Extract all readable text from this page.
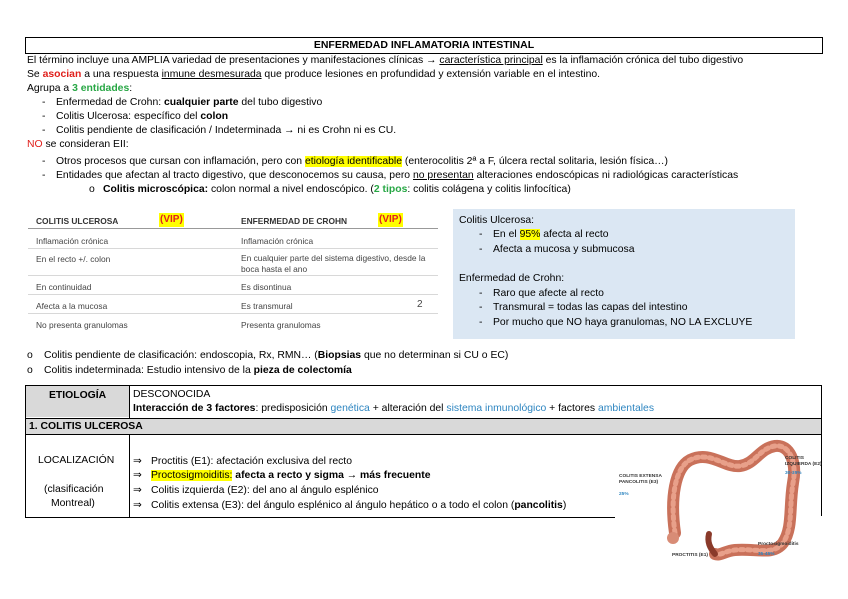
ENFERMEDAD INFLAMATORIA INTESTINAL
El término incluye una AMPLIA variedad de presentaciones y manifestaciones clínicas → característica principal es la inflamación crónica del tubo digestivo
Se asocian a una respuesta inmune desmesurada que produce lesiones en profundidad y extensión variable en el intestino.
Agrupa a 3 entidades:
- Enfermedad de Crohn: cualquier parte del tubo digestivo
- Colitis Ulcerosa: específico del colon
- Colitis pendiente de clasificación / Indeterminada → ni es Crohn ni es CU.
NO se consideran EII:
- Otros procesos que cursan con inflamación, pero con etiología identificable (enterocolitis 2ª a F, úlcera rectal solitaria, lesión física…)
- Entidades que afectan al tracto digestivo, que desconocemos su causa, pero no presentan alteraciones endoscópicas ni radiológicas características
o Colitis microscópica: colon normal a nivel endoscópico. (2 tipos: colitis colágena y colitis linfocítica)
COLITIS ULCEROSA	(VIP)	ENFERMEDAD DE CROHN	(VIP)
Inflamación crónica	Inflamación crónica
En el recto +/. colon	En cualquier parte del sistema digestivo, desde la boca hasta el ano
En continuidad	Es disontinua
Afecta a la mucosa	Es transmural	2
No presenta granulomas	Presenta granulomas
Colitis Ulcerosa:
- En el 95% afecta al recto
- Afecta a mucosa y submucosa
Enfermedad de Crohn:
- Raro que afecte al recto
- Transmural = todas las capas del intestino
- Por mucho que NO haya granulomas, NO LA EXCLUYE
o Colitis pendiente de clasificación: endoscopia, Rx, RMN… (Biopsias que no determinan si CU o EC)
o Colitis indeterminada: Estudio intensivo de la pieza de colectomía
ETIOLOGÍA	DESCONOCIDA
Interacción de 3 factores: predisposición genética + alteración del sistema inmunológico + factores ambientales
1. COLITIS ULCEROSA
LOCALIZACIÓN
(clasificación
Montreal)
⇒ Proctitis (E1): afectación exclusiva del recto
⇒ Proctosigmoiditis: afecta a recto y sigma → más frecuente
⇒ Colitis izquierda (E2): del ano al ángulo esplénico
⇒ Colitis extensa (E3): del ángulo esplénico al ángulo hepático o a todo el colon (pancolitis)
COLITIS EXTENSA
PANCOLITIS (E3)
25%
COLITIS
IZQUIERDA (E2)
30-35%
PROCTITIS (E1)
Proctosigmoiditis
35-45%
